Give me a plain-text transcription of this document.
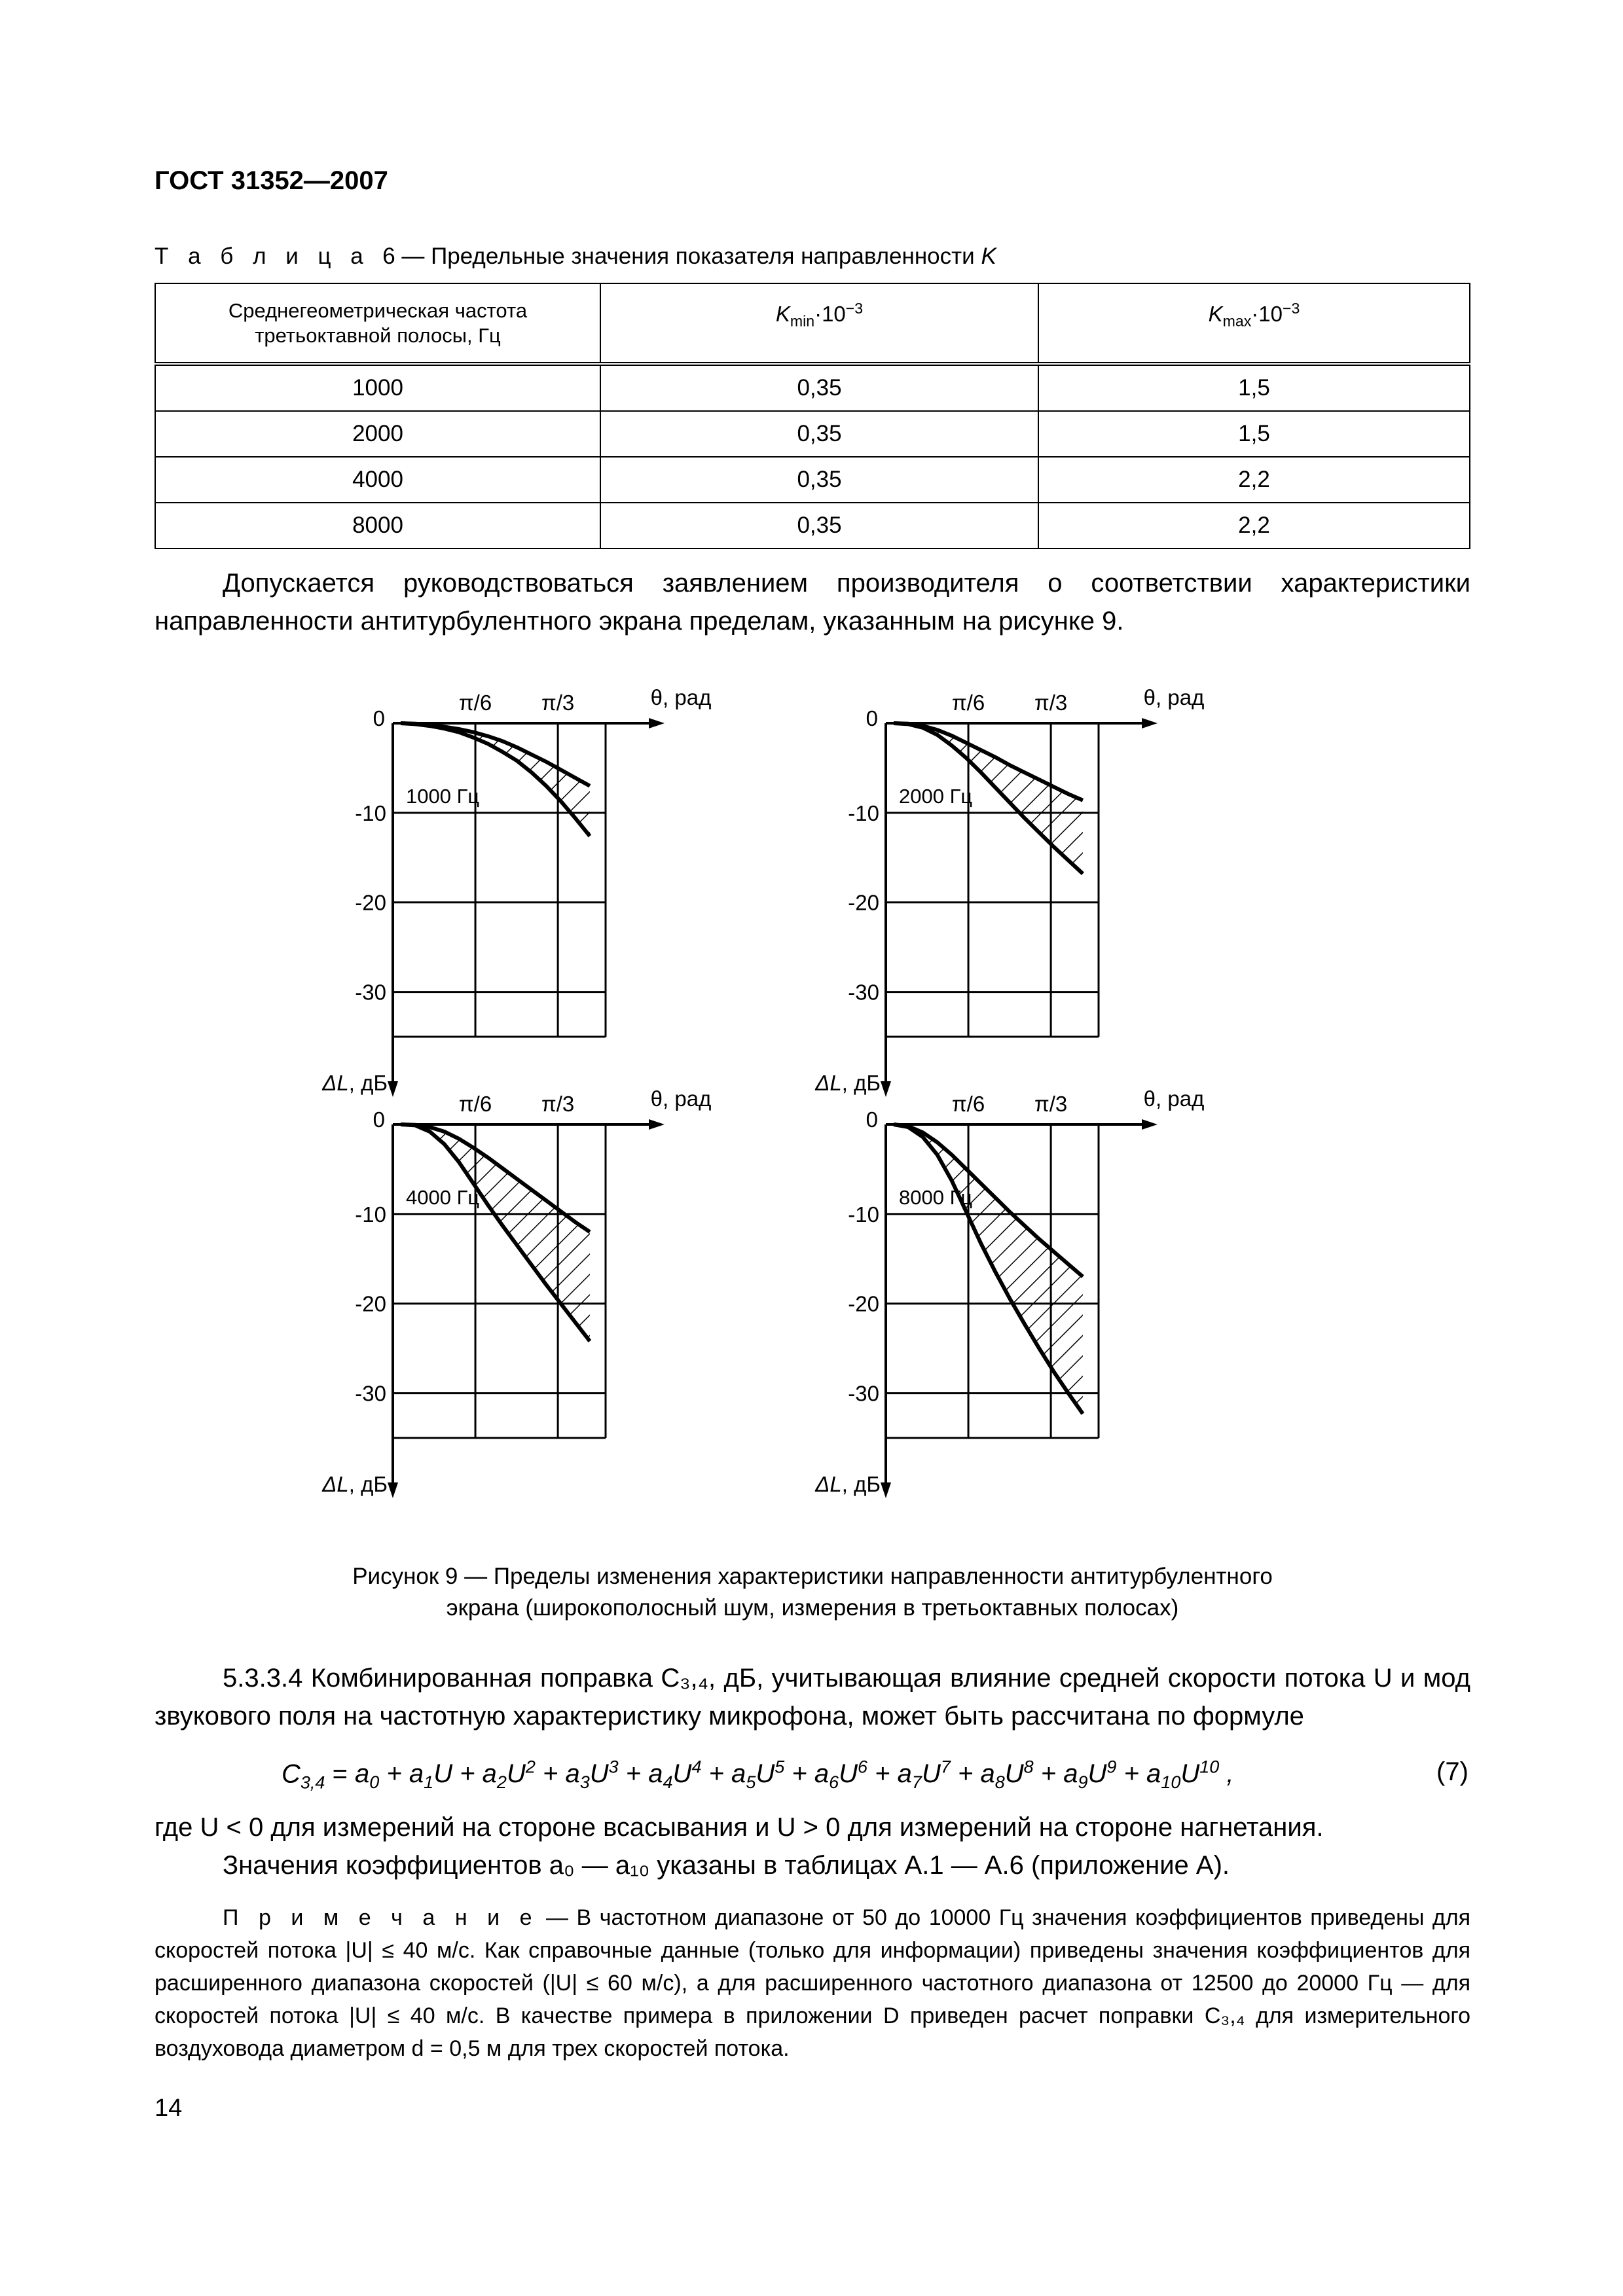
ГОСТ 31352—2007
Т а б л и ц а 6 — Предельные значения показателя направленности K
Среднегеометрическая частота
третьоктавной полосы, Гц	$K_{min}\cdot 10^{-3}$	$K_{max}\cdot 10^{-3}$
1000	0,35	1,5
2000	0,35	1,5
4000	0,35	2,2
8000	0,35	2,2
Допускается руководствоваться заявлением производителя о соответствии характеристики направленности антитурбулентного экрана пределам, указанным на рисунке 9.
π/6 π/3	θ, рад
0
-10
-20
-30
ΔL, дБ
1000 Гц
π/6 π/3	θ, рад
0
-10
-20
-30
ΔL, дБ
2000 Гц
π/6 π/3	θ, рад
0
-10
-20
-30
ΔL, дБ
4000 Гц
π/6 π/3	θ, рад
0
-10
-20
-30
ΔL, дБ
8000 Гц
Рисунок 9 — Пределы изменения характеристики направленности антитурбулентного
экрана (широкополосный шум, измерения в третьоктавных полосах)
5.3.3.4 Комбинированная поправка C₃,₄, дБ, учитывающая влияние средней скорости потока U и мод звукового поля на частотную характеристику микрофона, может быть рассчитана по формуле
$C_{3,4} = a_0 + a_1U + a_2U^2 + a_3U^3 + a_4U^4 + a_5U^5 + a_6U^6 + a_7U^7 + a_8U^8 + a_9U^9 + a_{10}U^{10}$ ,	(7)
где U < 0 для измерений на стороне всасывания и U > 0 для измерений на стороне нагнетания.
Значения коэффициентов a₀ — a₁₀ указаны в таблицах А.1 — А.6 (приложение А).
П р и м е ч а н и е — В частотном диапазоне от 50 до 10000 Гц значения коэффициентов приведены для скоростей потока |U| ≤ 40 м/с. Как справочные данные (только для информации) приведены значения коэффициентов для расширенного диапазона скоростей (|U| ≤ 60 м/с), а для расширенного частотного диапазона от 12500 до 20000 Гц — для скоростей потока |U| ≤ 40 м/с. В качестве примера в приложении D приведен расчет поправки C₃,₄ для измерительного воздуховода диаметром d = 0,5 м для трех скоростей потока.
14
